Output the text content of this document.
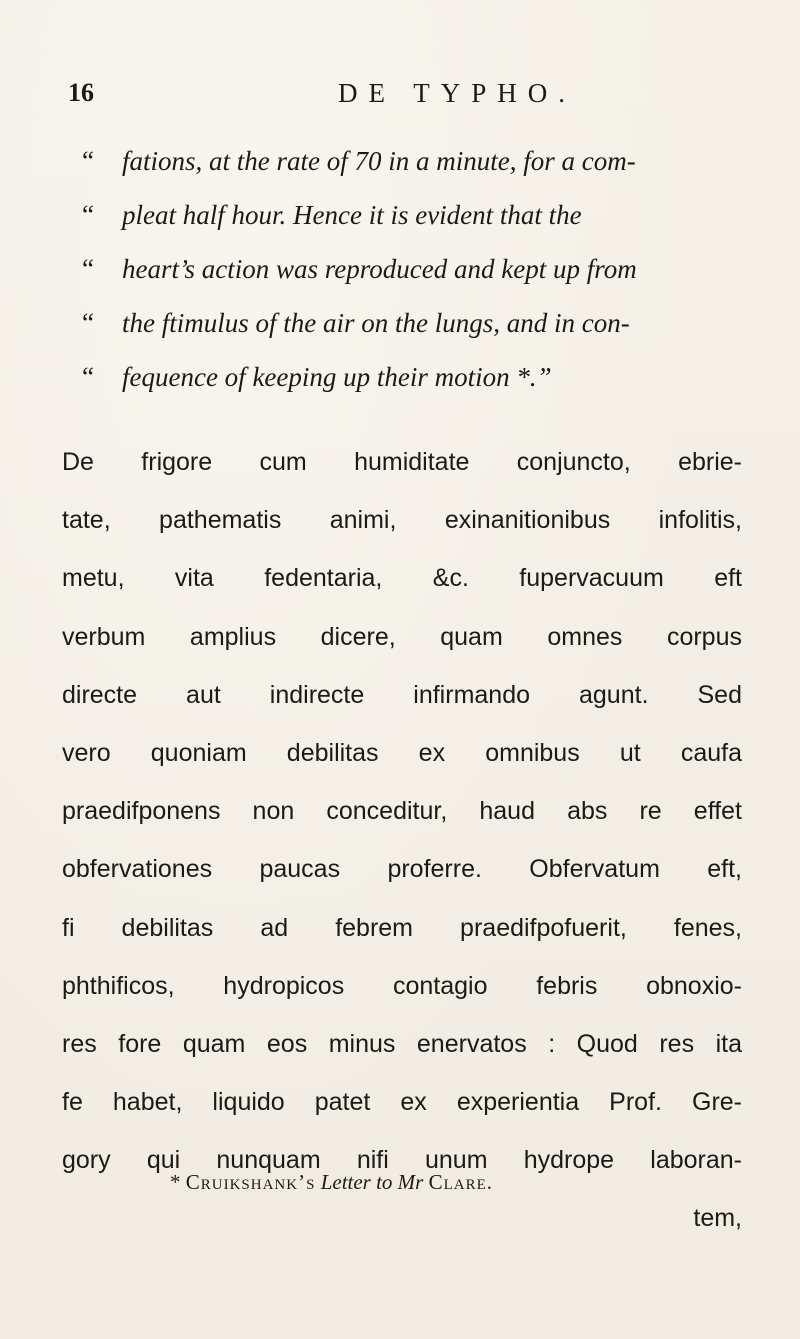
16	DE TYPHO.
“ fations, at the rate of 70 in a minute, for a com-
“ pleat half hour. Hence it is evident that the
“ heart’s action was reproduced and kept up from
“ the ftimulus of the air on the lungs, and in con-
“ fequence of keeping up their motion *.”
De frigore cum humiditate conjuncto, ebrie-
tate, pathematis animi, exinanitionibus infolitis,
metu, vita fedentaria, &c. fupervacuum eft
verbum amplius dicere, quam omnes corpus
directe aut indirecte infirmando agunt. Sed
vero quoniam debilitas ex omnibus ut caufa
praedifponens non conceditur, haud abs re effet
obfervationes paucas proferre. Obfervatum eft,
fi debilitas ad febrem praedifpofuerit, fenes,
phthificos, hydropicos contagio febris obnoxio-
res fore quam eos minus enervatos : Quod res ita
fe habet, liquido patet ex experientia Prof. Gre-
gory qui nunquam nifi unum hydrope laboran-
tem,
* Cruikshank’s Letter to Mr Clare.
